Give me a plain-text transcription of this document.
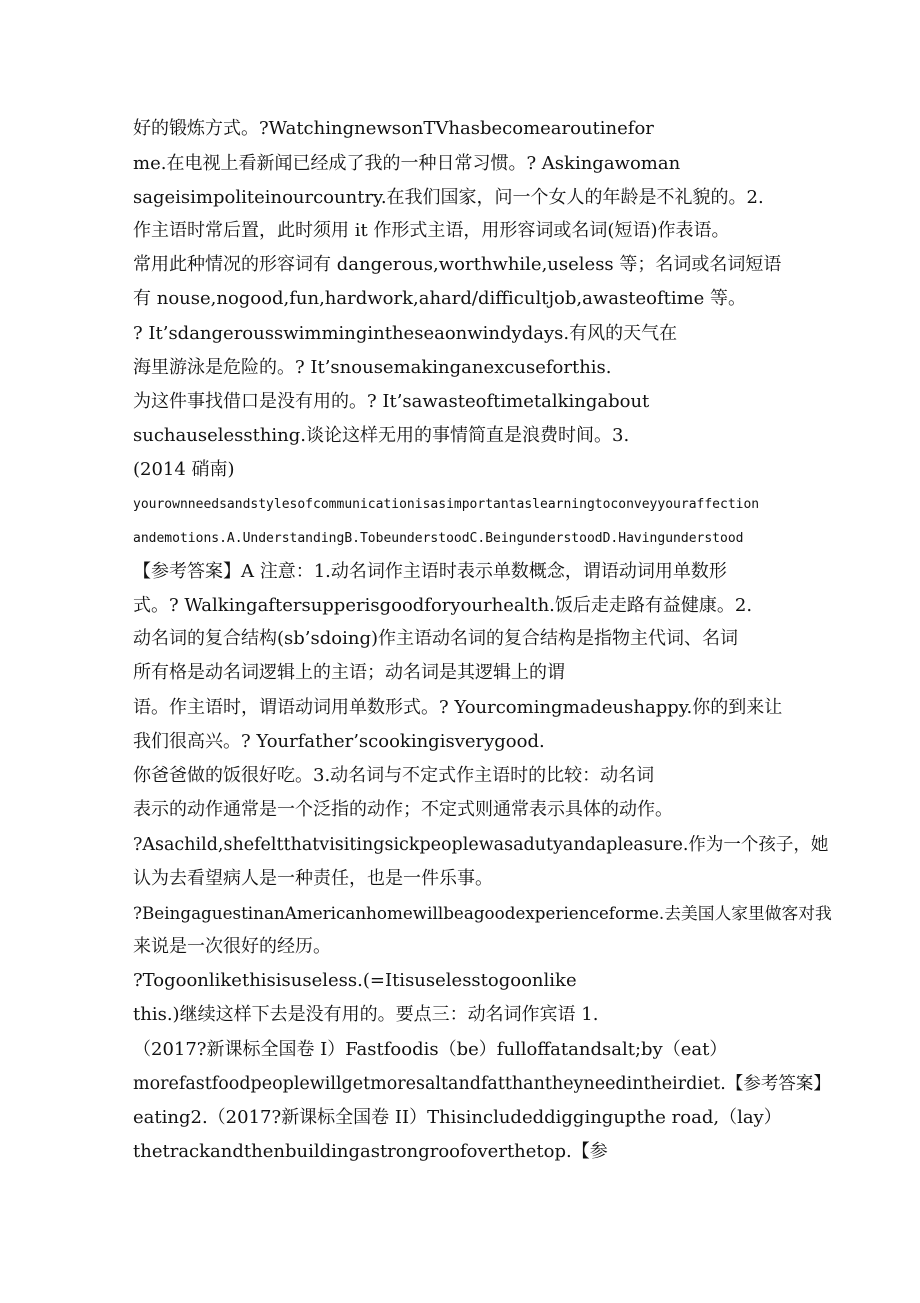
好的锻炼方式。?WatchingnewsonTVhasbecomearoutinefor
me.在电视上看新闻已经成了我的一种日常习惯。? Askingawoman
sageisimpoliteinourcountry.在我们国家，问一个女人的年龄是不礼貌的。2.
作主语时常后置，此时须用 it 作形式主语，用形容词或名词(短语)作表语。
常用此种情况的形容词有 dangerous,worthwhile,useless 等；名词或名词短语
有 nouse,nogood,fun,hardwork,ahard/difficultjob,awasteoftime 等。
? It’sdangerousswimmingintheseaonwindydays.有风的天气在
海里游泳是危险的。? It’snousemakinganexcuseforthis.
为这件事找借口是没有用的。? It’sawasteoftimetalkingabout
suchauselessthing.谈论这样无用的事情简直是浪费时间。3.
(2014 硝南)
yourownneedsandstylesofcommunicationisasimportantaslearningtoconveyyouraffection
andemotions.A.UnderstandingB.TobeunderstoodC.BeingunderstoodD.Havingunderstood
【参考答案】A 注意：1.动名词作主语时表示单数概念，谓语动词用单数形
式。? Walkingaftersupperisgoodforyourhealth.饭后走走路有益健康。2.
动名词的复合结构(sb’sdoing)作主语动名词的复合结构是指物主代词、名词
所有格是动名词逻辑上的主语；动名词是其逻辑上的谓
语。作主语时，谓语动词用单数形式。? Yourcomingmadeushappy.你的到来让
我们很高兴。? Yourfather’scookingisverygood.
你爸爸做的饭很好吃。3.动名词与不定式作主语时的比较：动名词
表示的动作通常是一个泛指的动作；不定式则通常表示具体的动作。
?Asachild,shefeltthatvisitingsickpeoplewasadutyandapleasure.作为一个孩子，她
认为去看望病人是一种责任，也是一件乐事。
?BeingaguestinanAmericanhomewillbeagoodexperienceforme.去美国人家里做客对我
来说是一次很好的经历。
?Togoonlikethisisuseless.(=Itisuselesstogoonlike
this.)继续这样下去是没有用的。要点三：动名词作宾语 1.
（2017?新课标全国卷 I）Fastfoodis（be）fulloffatandsalt;by（eat）
morefastfoodpeoplewillgetmoresaltandfatthantheyneedintheirdiet.【参考答案】
eating2.（2017?新课标全国卷 II）Thisincludeddiggingupthe road,（lay）
thetrackandthenbuildingastrongroofoverthetop.【参
